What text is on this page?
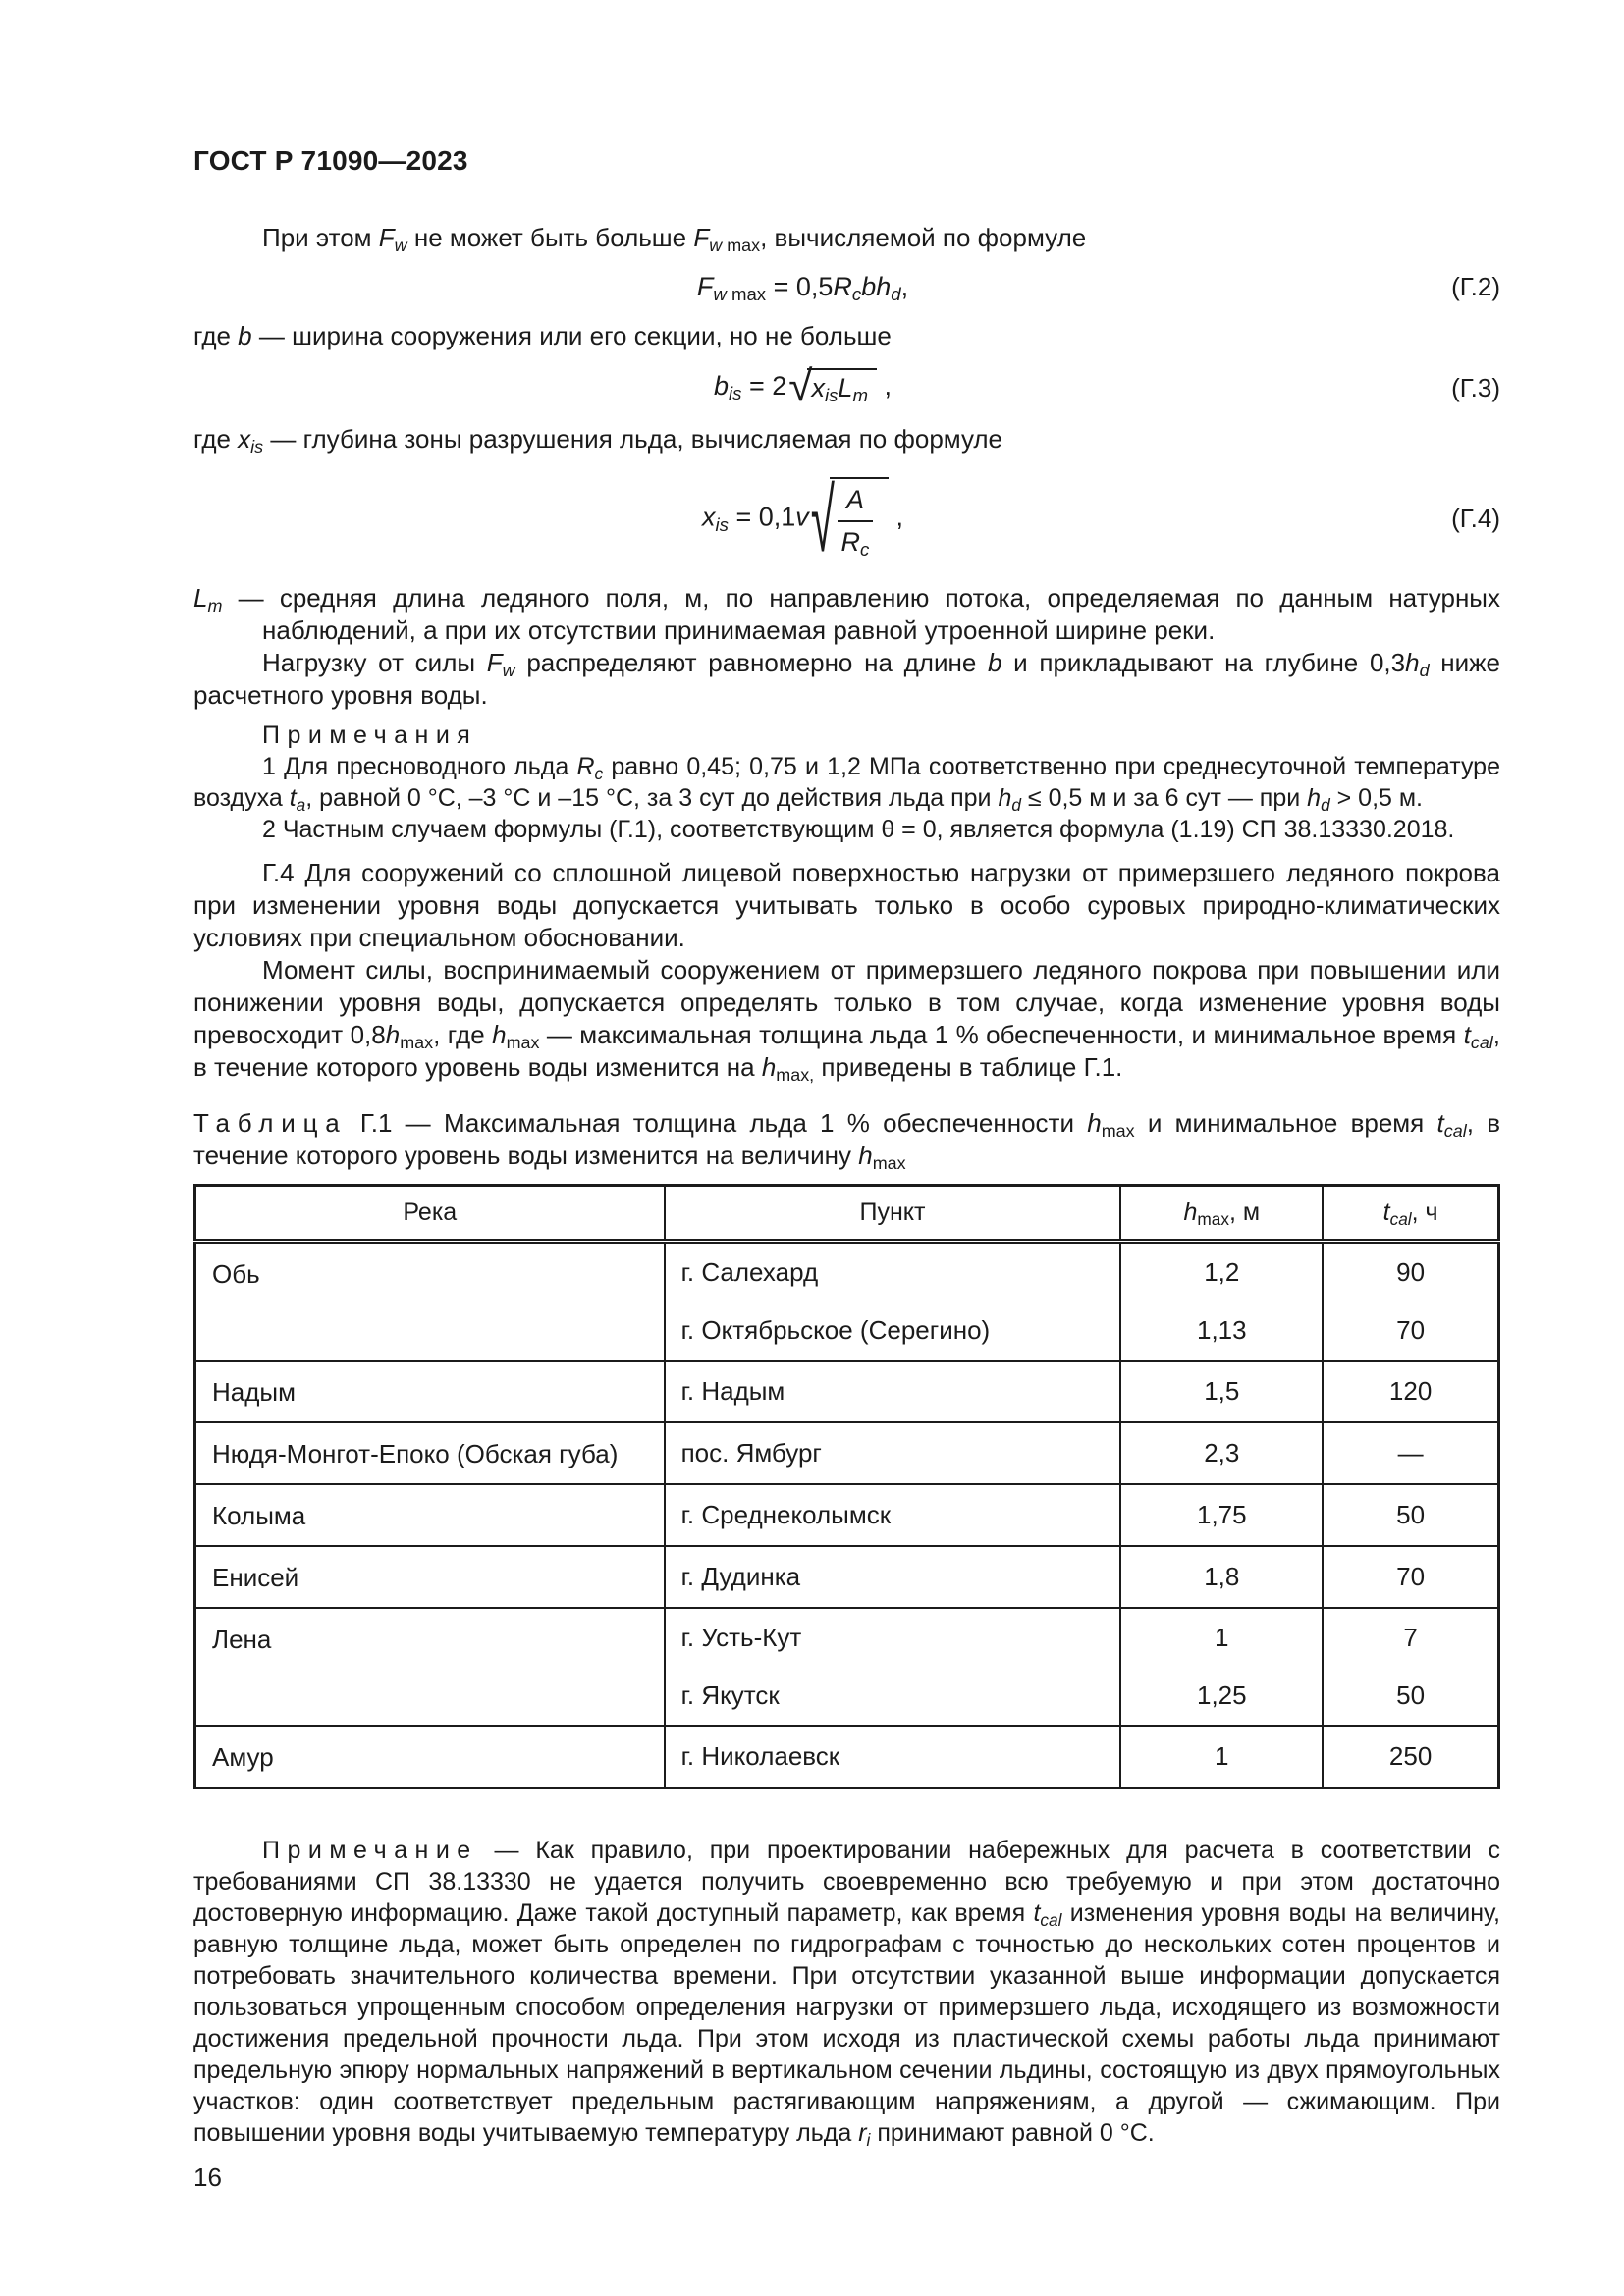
ГОСТ Р 71090—2023

При этом Fw не может быть больше Fw max, вычисляемой по формуле

Fw max = 0,5Rcbhd,	(Г.2)

где b — ширина сооружения или его секции, но не больше

bis = 2 √ xisLm ,	(Г.3)

где xis — глубина зоны разрушения льда, вычисляемая по формуле

xis = 0,1v √ $\frac{A}{Rc}$ ,	(Г.4)

Lm — средняя длина ледяного поля, м, по направлению потока, определяемая по данным натурных наблюдений, а при их отсутствии принимаемая равной утроенной ширине реки.

Нагрузку от силы Fw распределяют равномерно на длине b и прикладывают на глубине 0,3hd ниже расчетного уровня воды.

Примечания

1 Для пресноводного льда Rc равно 0,45; 0,75 и 1,2 МПа соответственно при среднесуточной температуре воздуха ta, равной 0 °С, –3 °С и –15 °С, за 3 сут до действия льда при hd ≤ 0,5 м и за 6 сут — при hd > 0,5 м.

2 Частным случаем формулы (Г.1), соответствующим θ = 0, является формула (1.19) СП 38.13330.2018.

Г.4 Для сооружений со сплошной лицевой поверхностью нагрузки от примерзшего ледяного покрова при изменении уровня воды допускается учитывать только в особо суровых природно-климатических условиях при специальном обосновании.

Момент силы, воспринимаемый сооружением от примерзшего ледяного покрова при повышении или понижении уровня воды, допускается определять только в том случае, когда изменение уровня воды превосходит 0,8hmax, где hmax — максимальная толщина льда 1 % обеспеченности, и минимальное время tcal, в течение которого уровень воды изменится на hmax, приведены в таблице Г.1.

Таблица Г.1 — Максимальная толщина льда 1 % обеспеченности hmax и минимальное время tcal, в течение которого уровень воды изменится на величину hmax

Река	Пункт	hmax, м	tcal, ч
Обь	г. Салехард	1,2	90
	г. Октябрьское (Серегино)	1,13	70
Надым	г. Надым	1,5	120
Нюдя-Монгот-Епоко (Обская губа)	пос. Ямбург	2,3	—
Колыма	г. Среднеколымск	1,75	50
Енисей	г. Дудинка	1,8	70
Лена	г. Усть-Кут	1	7
	г. Якутск	1,25	50
Амур	г. Николаевск	1	250

Примечание — Как правило, при проектировании набережных для расчета в соответствии с требованиями СП 38.13330 не удается получить своевременно всю требуемую и при этом достаточно достоверную информацию. Даже такой доступный параметр, как время tcal изменения уровня воды на величину, равную толщине льда, может быть определен по гидрографам с точностью до нескольких сотен процентов и потребовать значительного количества времени. При отсутствии указанной выше информации допускается пользоваться упрощенным способом определения нагрузки от примерзшего льда, исходящего из возможности достижения предельной прочности льда. При этом исходя из пластической схемы работы льда принимают предельную эпюру нормальных напряжений в вертикальном сечении льдины, состоящую из двух прямоугольных участков: один соответствует предельным растягивающим напряжениям, а другой — сжимающим. При повышении уровня воды учитываемую температуру льда ri принимают равной 0 °С.

16
